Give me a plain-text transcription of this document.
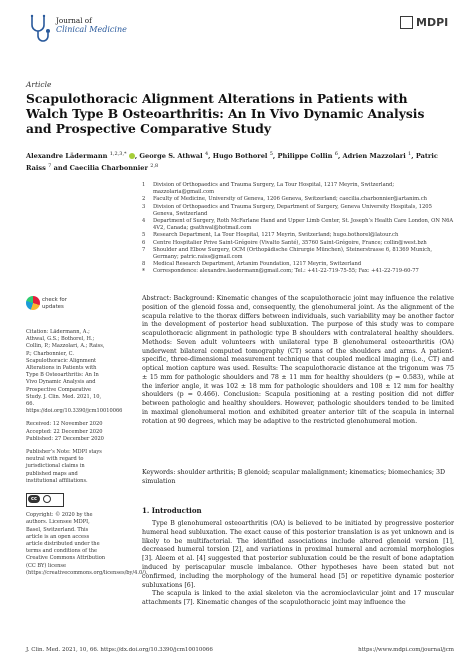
Journal of
Clinical Medicine
MDPI
Article
Scapulothoracic Alignment Alterations in Patients with Walch Type B Osteoarthritis: An In Vivo Dynamic Analysis and Prospective Comparative Study
Alexandre Lädermann $^{1,2,3,*}$ , George S. Athwal $^4$, Hugo Bothorel $^5$, Philippe Collin $^6$, Adrien Mazzolari $^1$, Patric Raiss $^7$ and Caecilia Charbonnier $^{2,8}$
1	Division of Orthopaedics and Trauma Surgery, La Tour Hospital, 1217 Meyrin, Switzerland; mazzolaria@gmail.com
2	Faculty of Medicine, University of Geneva, 1206 Geneva, Switzerland; caecilia.charbonnier@artanim.ch
3	Division of Orthopaedics and Trauma Surgery, Department of Surgery, Geneva University Hospitals, 1205 Geneva, Switzerland
4	Department of Surgery, Roth McFarlane Hand and Upper Limb Center, St. Joseph’s Health Care London, ON N6A 4V2, Canada; gsathwal@hotmail.com
5	Research Department, La Tour Hospital, 1217 Meyrin, Switzerland; hugo.bothorel@latour.ch
6	Centre Hospitalier Prive Saint-Grégoire (Vivalto Santé), 35760 Saint-Grégoire, France; collin@west.bzh
7	Shoulder and Elbow Surgery, OCM (Orthopädische Chirurgie München), Steinerstrasse 6, 81369 Munich, Germany; patric.raiss@gmail.com
8	Medical Research Department, Artanim Foundation, 1217 Meyrin, Switzerland
*	Correspondence: alexandre.laedermann@gmail.com; Tel.: +41-22-719-75-55; Fax: +41-22-719-60-77
check for updates
Citation: Lädermann, A.; Athwal, G.S.; Bothorel, H.; Collin, P.; Mazzolari, A.; Raiss, P.; Charbonnier, C. Scapulothoracic Alignment Alterations in Patients with Type B Osteoarthritis: An In Vivo Dynamic Analysis and Prospective Comparative Study. J. Clin. Med. 2021, 10, 66. https://doi.org/10.3390/jcm10010066
Received: 12 November 2020
Accepted: 22 December 2020
Published: 27 December 2020
Publisher’s Note: MDPI stays neutral with regard to jurisdictional claims in published maps and institutional affiliations.
cc
Copyright: © 2020 by the authors. Licensee MDPI, Basel, Switzerland. This article is an open access article distributed under the terms and conditions of the Creative Commons Attribution (CC BY) license (https://creativecommons.org/licenses/by/4.0/).
Abstract: Background: Kinematic changes of the scapulothoracic joint may influence the relative position of the glenoid fossa and, consequently, the glenohumeral joint. As the alignment of the scapula relative to the thorax differs between individuals, such variability may be another factor in the development of posterior head subluxation. The purpose of this study was to compare scapulothoracic alignment in pathologic type B shoulders with contralateral healthy shoulders. Methods: Seven adult volunteers with unilateral type B glenohumeral osteoarthritis (OA) underwent bilateral computed tomography (CT) scans of the shoulders and arms. A patient-specific, three-dimensional measurement technique that coupled medical imaging (i.e., CT) and optical motion capture was used. Results: The scapulothoracic distance at the trigonum was 75 ± 15 mm for pathologic shoulders and 78 ± 11 mm for healthy shoulders (p = 0.583), while at the inferior angle, it was 102 ± 18 mm for pathologic shoulders and 108 ± 12 mm for healthy shoulders (p = 0.466). Conclusion: Scapula positioning at a resting position did not differ between pathologic and healthy shoulders. However, pathologic shoulders tended to be limited in maximal glenohumeral motion and exhibited greater anterior tilt of the scapula in internal rotation at 90 degrees, which may be adaptive to the restricted glenohumeral motion.
Keywords: shoulder arthritis; B glenoid; scapular malalignment; kinematics; biomechanics; 3D simulation
1. Introduction

Type B glenohumeral osteoarthritis (OA) is believed to be initiated by progressive posterior humeral head subluxation. The exact cause of this posterior translation is as yet unknown and is likely to be multifactorial. The identified associations include altered glenoid version [1], decreased humeral torsion [2], and variations in proximal humeral and acromial morphologies [3]. Aleem et al. [4] suggested that posterior subluxation could be the result of bone adaptation induced by periscapular muscle imbalance. Other hypotheses have been stated but not confirmed, including the morphology of the humeral head [5] or repetitive dynamic posterior subluxations [6].

The scapula is linked to the axial skeleton via the acromioclavicular joint and 17 muscular attachments [7]. Kinematic changes of the scapulothoracic joint may influence the

J. Clin. Med. 2021, 10, 66. https://dx.doi.org/10.3390/jcm10010066	https://www.mdpi.com/journal/jcm
